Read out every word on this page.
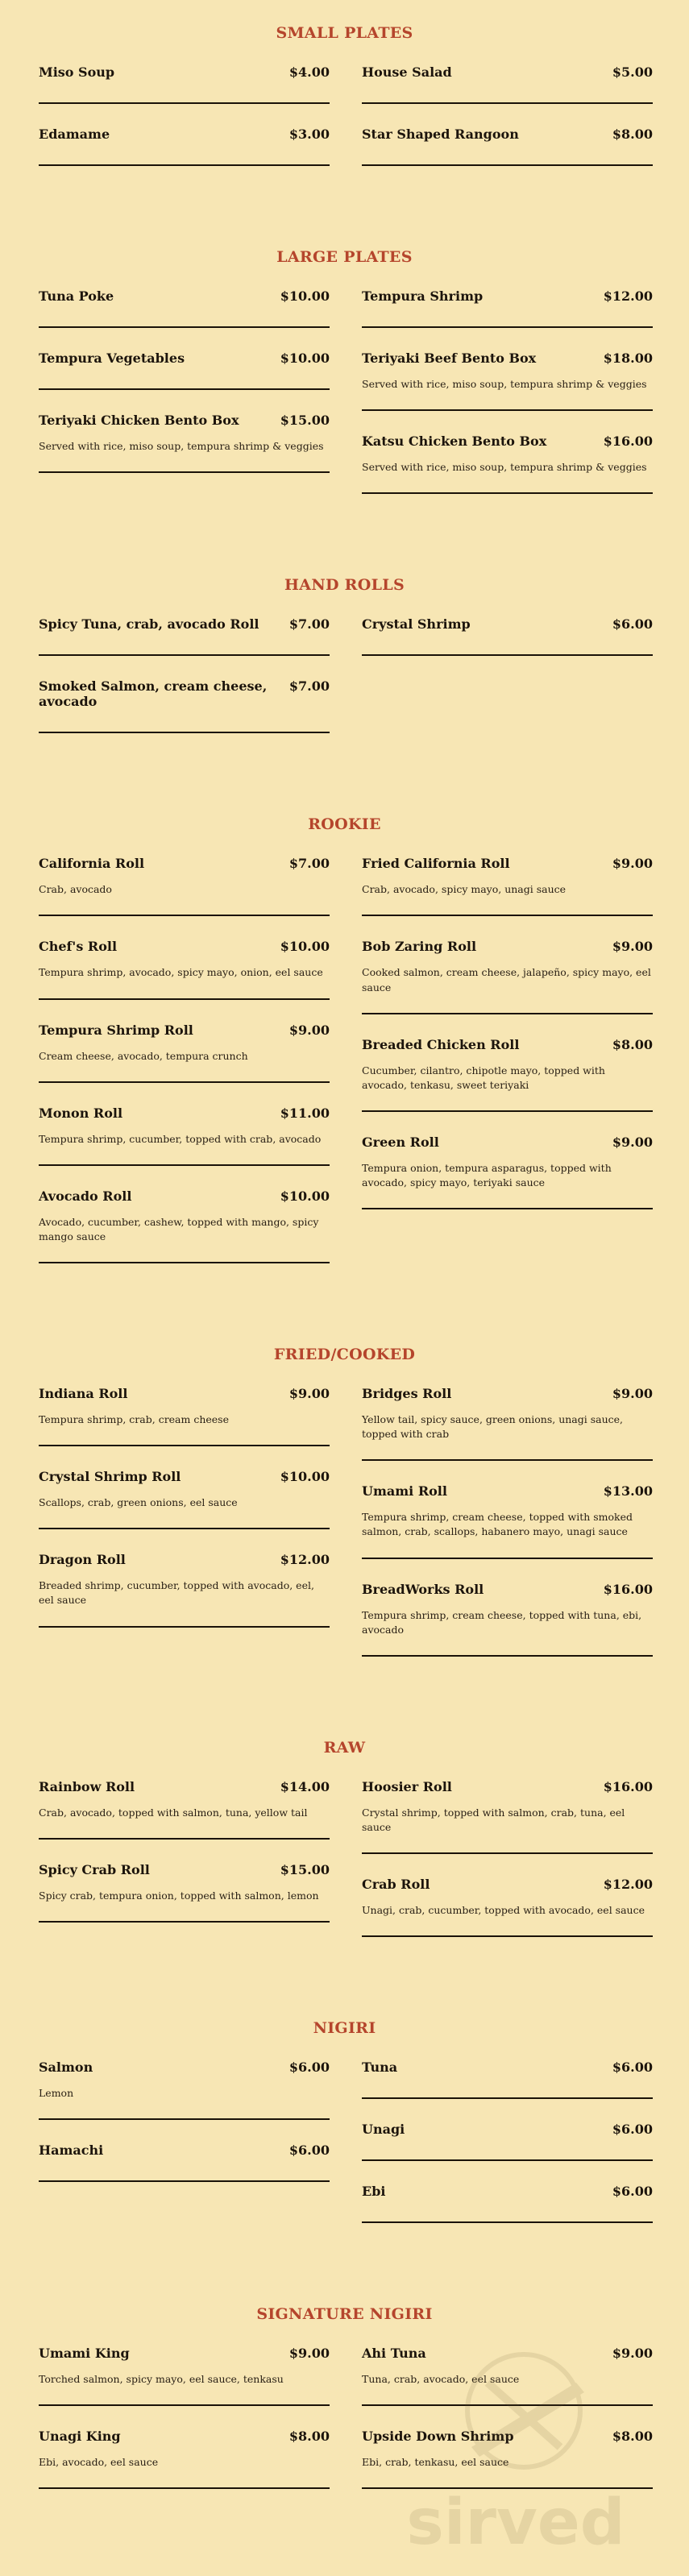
SMALL PLATES
Miso Soup	$4.00
Edamame	$3.00
House Salad	$5.00
Star Shaped Rangoon	$8.00
LARGE PLATES
Tuna Poke	$10.00
Tempura Vegetables	$10.00
Teriyaki Chicken Bento Box	$15.00
Served with rice, miso soup, tempura shrimp & veggies
Tempura Shrimp	$12.00
Teriyaki Beef Bento Box	$18.00
Served with rice, miso soup, tempura shrimp & veggies
Katsu Chicken Bento Box	$16.00
Served with rice, miso soup, tempura shrimp & veggies
HAND ROLLS
Spicy Tuna, crab, avocado Roll $7.00
Smoked Salmon, cream cheese, avocado
$7.00
Crystal Shrimp	$6.00
ROOKIE
California Roll	$7.00
Crab, avocado
Chef's Roll	$10.00
Tempura shrimp, avocado, spicy mayo, onion, eel sauce
Tempura Shrimp Roll	$9.00
Cream cheese, avocado, tempura crunch
Monon Roll	$11.00
Tempura shrimp, cucumber, topped with crab, avocado
Avocado Roll	$10.00
Avocado, cucumber, cashew, topped with mango, spicy mango sauce
Fried California Roll	$9.00
Crab, avocado, spicy mayo, unagi sauce
Bob Zaring Roll	$9.00
Cooked salmon, cream cheese, jalapeño, spicy mayo, eel sauce
Breaded Chicken Roll	$8.00
Cucumber, cilantro, chipotle mayo, topped with avocado, tenkasu, sweet teriyaki
Green Roll	$9.00
Tempura onion, tempura asparagus, topped with avocado, spicy mayo, teriyaki sauce
FRIED/COOKED
Indiana Roll	$9.00
Tempura shrimp, crab, cream cheese
Crystal Shrimp Roll	$10.00
Scallops, crab, green onions, eel sauce
Dragon Roll	$12.00
Breaded shrimp, cucumber, topped with avocado, eel, eel sauce
Bridges Roll	$9.00
Yellow tail, spicy sauce, green onions, unagi sauce, topped with crab
Umami Roll	$13.00
Tempura shrimp, cream cheese, topped with smoked salmon, crab, scallops, habanero mayo, unagi sauce
BreadWorks Roll	$16.00
Tempura shrimp, cream cheese, topped with tuna, ebi, avocado
RAW
Rainbow Roll	$14.00
Crab, avocado, topped with salmon, tuna, yellow tail
Spicy Crab Roll	$15.00
Spicy crab, tempura onion, topped with salmon, lemon
Hoosier Roll	$16.00
Crystal shrimp, topped with salmon, crab, tuna, eel sauce
Crab Roll	$12.00
Unagi, crab, cucumber, topped with avocado, eel sauce
NIGIRI
Salmon	$6.00
Lemon
Hamachi	$6.00
Tuna	$6.00
Unagi	$6.00
Ebi	$6.00
SIGNATURE NIGIRI
Umami King	$9.00
Torched salmon, spicy mayo, eel sauce, tenkasu
Unagi King	$8.00
Ebi, avocado, eel sauce
Ahi Tuna	$9.00
Tuna, crab, avocado, eel sauce
Upside Down Shrimp	$8.00
Ebi, crab, tenkasu, eel sauce
sirved
